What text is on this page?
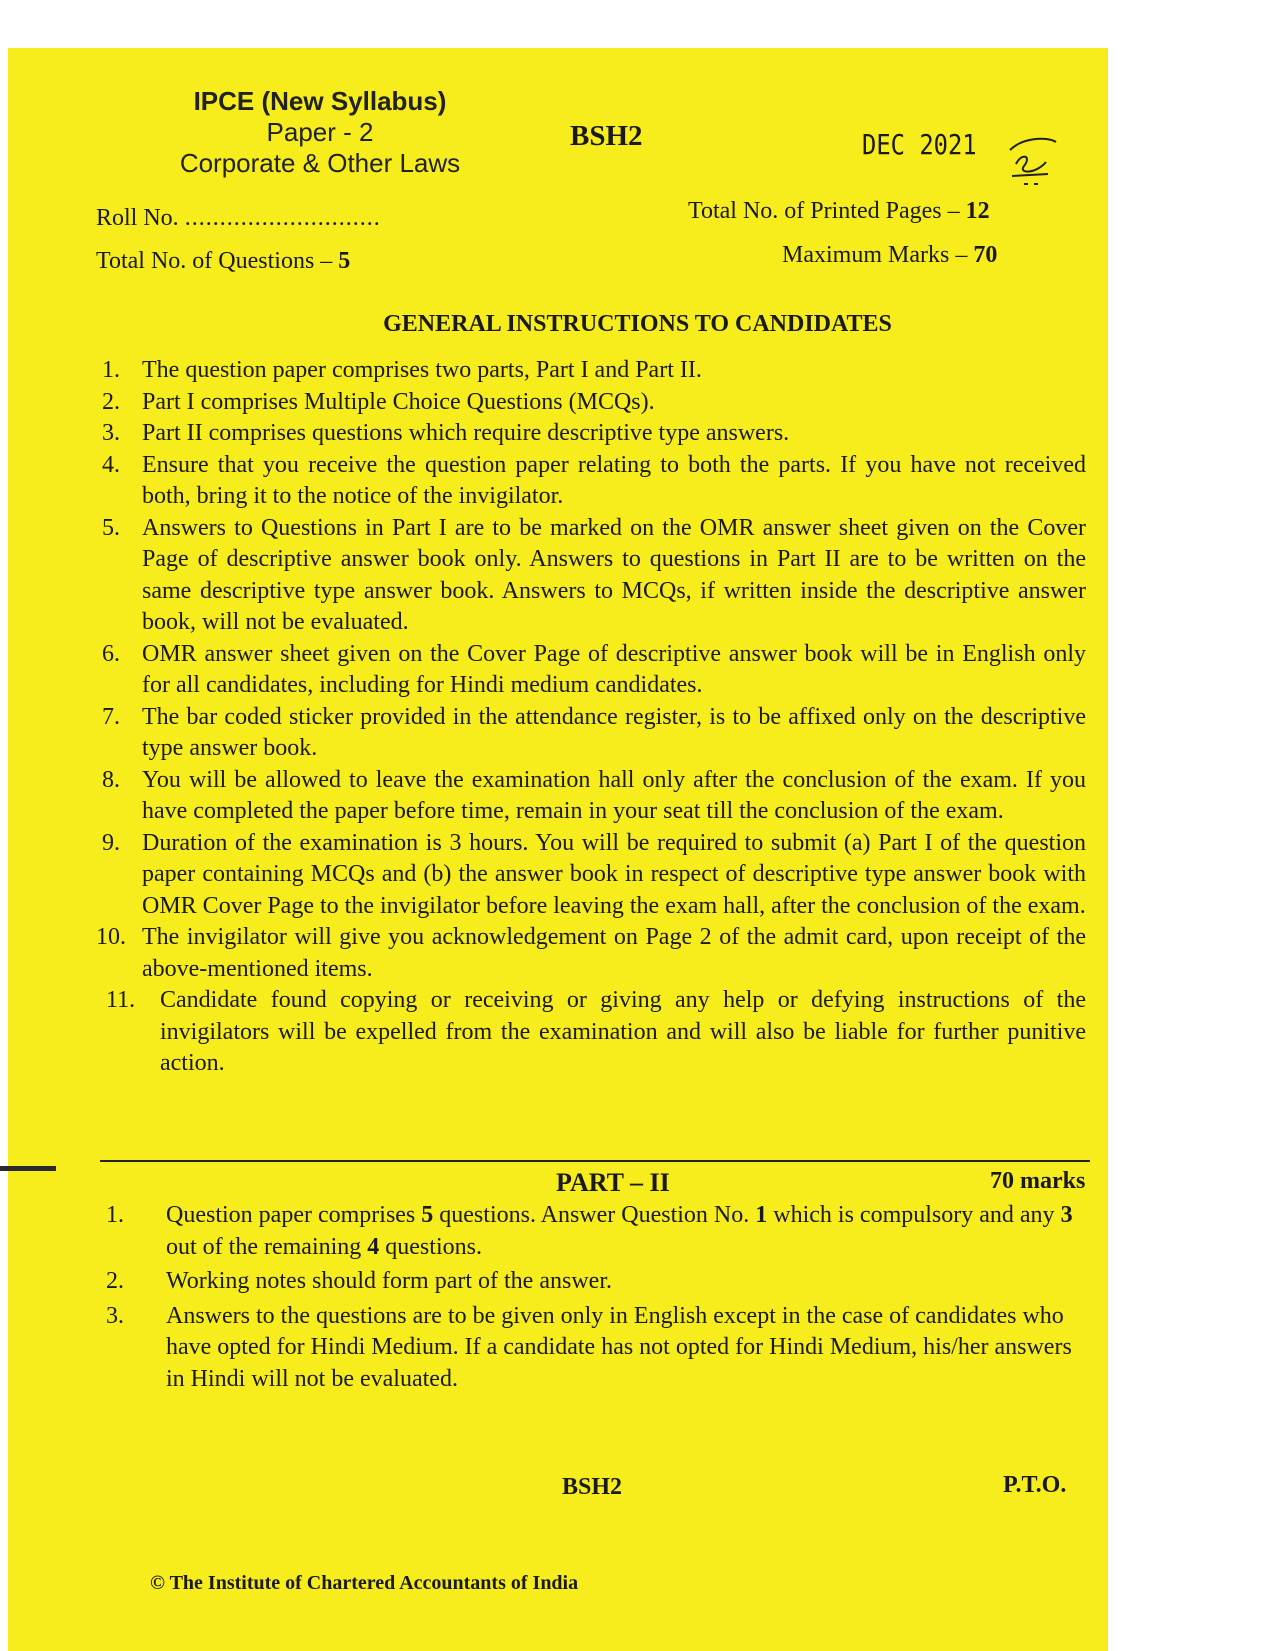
IPCE (New Syllabus)
Paper - 2
Corporate & Other Laws
BSH2	DEC 2021
Roll No. ............................	Total No. of Printed Pages – 12
Total No. of Questions – 5	Maximum Marks – 70
GENERAL INSTRUCTIONS TO CANDIDATES
1. The question paper comprises two parts, Part I and Part II.
2. Part I comprises Multiple Choice Questions (MCQs).
3. Part II comprises questions which require descriptive type answers.
4. Ensure that you receive the question paper relating to both the parts. If you have not received both, bring it to the notice of the invigilator.
5. Answers to Questions in Part I are to be marked on the OMR answer sheet given on the Cover Page of descriptive answer book only. Answers to questions in Part II are to be written on the same descriptive type answer book. Answers to MCQs, if written inside the descriptive answer book, will not be evaluated.
6. OMR answer sheet given on the Cover Page of descriptive answer book will be in English only for all candidates, including for Hindi medium candidates.
7. The bar coded sticker provided in the attendance register, is to be affixed only on the descriptive type answer book.
8. You will be allowed to leave the examination hall only after the conclusion of the exam. If you have completed the paper before time, remain in your seat till the conclusion of the exam.
9. Duration of the examination is 3 hours. You will be required to submit (a) Part I of the question paper containing MCQs and (b) the answer book in respect of descriptive type answer book with OMR Cover Page to the invigilator before leaving the exam hall, after the conclusion of the exam.
10. The invigilator will give you acknowledgement on Page 2 of the admit card, upon receipt of the above-mentioned items.
11. Candidate found copying or receiving or giving any help or defying instructions of the invigilators will be expelled from the examination and will also be liable for further punitive action.
PART – II	70 marks
1. Question paper comprises 5 questions. Answer Question No. 1 which is compulsory and any 3 out of the remaining 4 questions.
2. Working notes should form part of the answer.
3. Answers to the questions are to be given only in English except in the case of candidates who have opted for Hindi Medium. If a candidate has not opted for Hindi Medium, his/her answers in Hindi will not be evaluated.
BSH2	P.T.O.
© The Institute of Chartered Accountants of India
